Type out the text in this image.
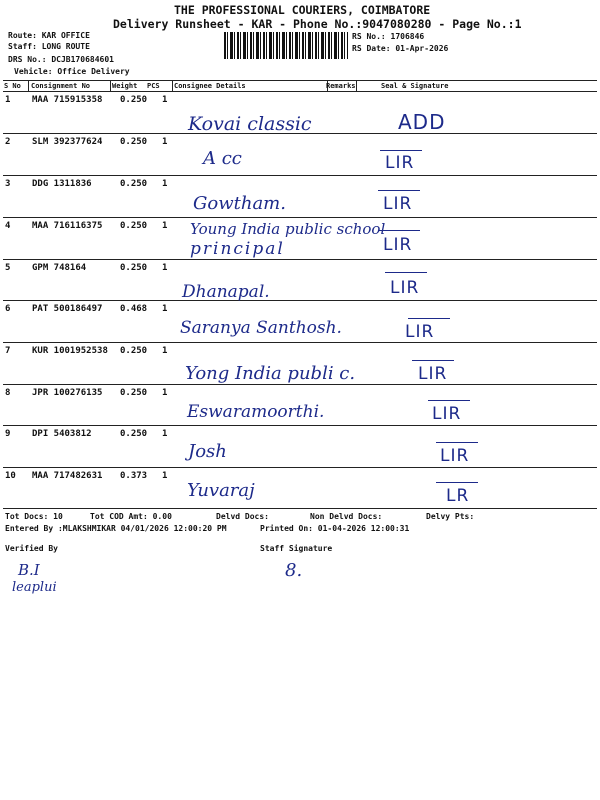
THE PROFESSIONAL COURIERS, COIMBATORE
Delivery Runsheet - KAR - Phone No.:9047080280 - Page No.:1
Route: KAR OFFICE
Staff: LONG ROUTE
DRS No.: DCJB170684601
Vehicle: Office Delivery
RS No.: 1706846
RS Date: 01-Apr-2026
S No Consignment No	Weight PCS Consignee Details	Remarks	Seal & Signature
1 MAA 715915358 0.250 1
Kovai classic	ADD
2 SLM 392377624 0.250 1
A cc	LIR
3 DDG 1311836	0.250 1
Gowtham.	LIR
4 MAA 716116375 0.250 1 Young India public school
principal	LIR
5 GPM 748164	0.250 1
Dhanapal.	LIR
6 PAT 500186497 0.468 1
Saranya Santhosh.	LIR
7 KUR 1001952538 0.250 1
Yong India publi c.	LIR
8 JPR 100276135 0.250 1
Eswaramoorthi.	LIR
9 DPI 5403812	0.250 1
Josh	LIR
10 MAA 717482631 0.373 1
Yuvaraj	LR
Tot Docs: 10	Tot COD Amt: 0.00	Delvd Docs:	Non Delvd Docs:	Delvy Pts:
Entered By :MLAKSHMIKAR 04/01/2026 12:00:20 PM	Printed On: 01-04-2026 12:00:31
Verified By	Staff Signature
B.I
leaplui
8.
